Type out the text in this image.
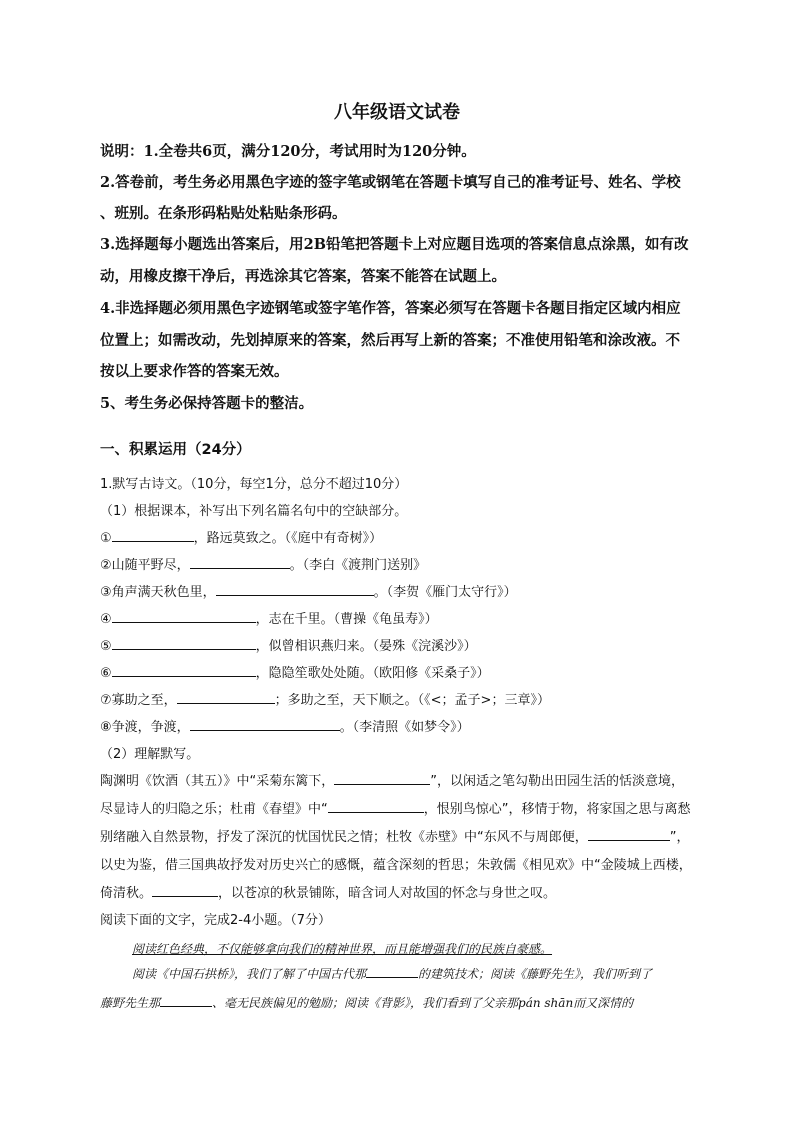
八年级语文试卷
说明：1.全卷共6页，满分120分，考试用时为120分钟。
2.答卷前，考生务必用黑色字迹的签字笔或钢笔在答题卡填写自己的准考证号、姓名、学校
、班别。在条形码粘贴处粘贴条形码。
3.选择题每小题选出答案后，用2B铅笔把答题卡上对应题目选项的答案信息点涂黑，如有改
动，用橡皮擦干净后，再选涂其它答案，答案不能答在试题上。
4.非选择题必须用黑色字迹钢笔或签字笔作答，答案必须写在答题卡各题目指定区域内相应
位置上；如需改动，先划掉原来的答案，然后再写上新的答案；不准使用铅笔和涂改液。不
按以上要求作答的答案无效。
5、考生务必保持答题卡的整洁。
一、积累运用（24分）
1.默写古诗文。（10分，每空1分，总分不超过10分）
（1）根据课本，补写出下列名篇名句中的空缺部分。
①	，路远莫致之。（《庭中有奇树》）
②山随平野尽，	。（李白《渡荆门送别》
③角声满天秋色里，	。（李贺《雁门太守行》）
④	，志在千里。（曹操《龟虽寿》）
⑤	，似曾相识燕归来。（晏殊《浣溪沙》）
⑥	，隐隐笙歌处处随。（欧阳修《采桑子》）
⑦寡助之至，	；多助之至，天下顺之。（《<；孟子>；三章》）
⑧争渡，争渡，	。（李清照《如梦令》）
（2）理解默写。
陶渊明《饮酒（其五）》中“采菊东篱下，	”，以闲适之笔勾勒出田园生活的恬淡意境，
尽显诗人的归隐之乐；杜甫《春望》中“	，恨别鸟惊心”，移情于物，将家国之思与离愁
别绪融入自然景物，抒发了深沉的忧国忧民之情；杜牧《赤壁》中“东风不与周郎便，	”，
以史为鉴，借三国典故抒发对历史兴亡的感慨，蕴含深刻的哲思；朱敦儒《相见欢》中“金陵城上西楼，
倚清秋。	，以苍凉的秋景铺陈，暗含词人对故国的怀念与身世之叹。
阅读下面的文字，完成2-4小题。（7分）
阅读红色经典，不仅能够拿向我们的精神世界，而且能增强我们的民族自豪感。
阅读《中国石拱桥》，我们了解了中国古代那	的建筑技术；阅读《藤野先生》，我们听到了
藤野先生那	、毫无民族偏见的勉励；阅读《背影》，我们看到了父亲那pán shān而又深情的
